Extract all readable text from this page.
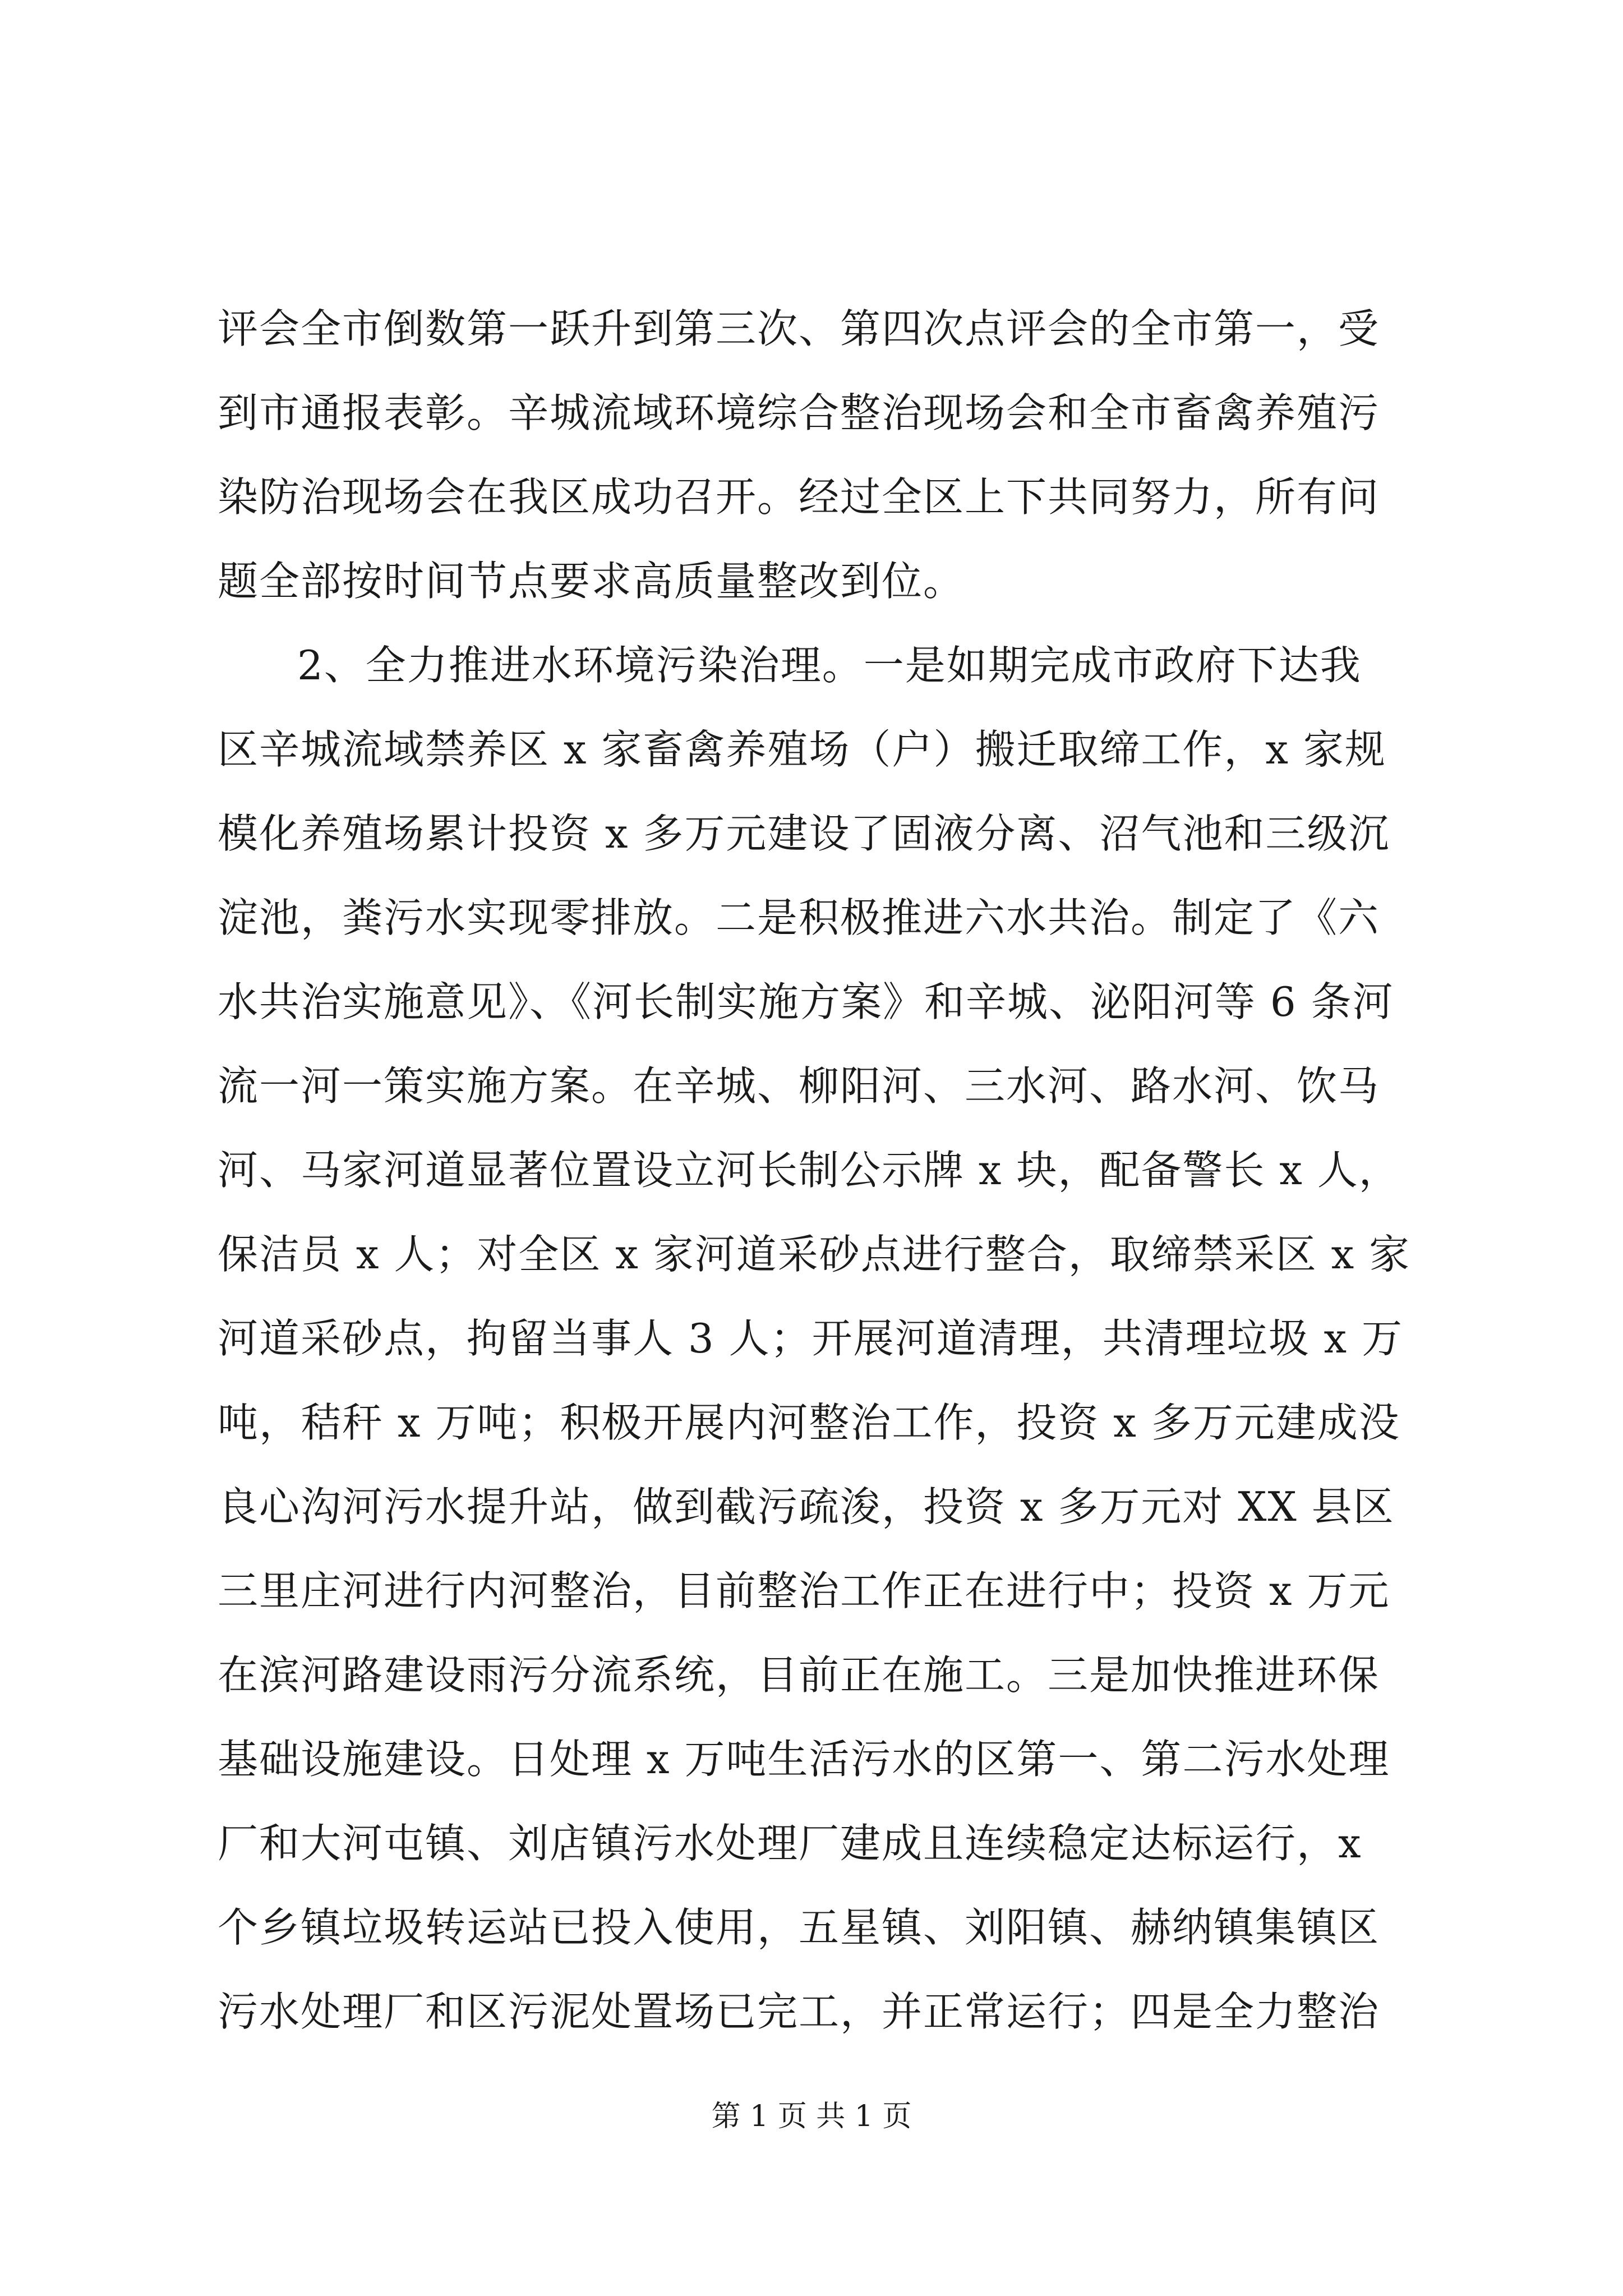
评会全市倒数第一跃升到第三次、第四次点评会的全市第一，受
到市通报表彰。辛城流域环境综合整治现场会和全市畜禽养殖污
染防治现场会在我区成功召开。经过全区上下共同努力，所有问
题全部按时间节点要求高质量整改到位。
2、全力推进水环境污染治理。一是如期完成市政府下达我
区辛城流域禁养区 x 家畜禽养殖场（户）搬迁取缔工作，x 家规
模化养殖场累计投资 x 多万元建设了固液分离、沼气池和三级沉
淀池，粪污水实现零排放。二是积极推进六水共治。制定了《六
水共治实施意见》、《河长制实施方案》和辛城、泌阳河等 6 条河
流一河一策实施方案。在辛城、柳阳河、三水河、路水河、饮马
河、马家河道显著位置设立河长制公示牌 x 块，配备警长 x 人，
保洁员 x 人；对全区 x 家河道采砂点进行整合，取缔禁采区 x 家
河道采砂点，拘留当事人 3 人；开展河道清理，共清理垃圾 x 万
吨，秸秆 x 万吨；积极开展内河整治工作，投资 x 多万元建成没
良心沟河污水提升站，做到截污疏浚，投资 x 多万元对 XX 县区
三里庄河进行内河整治，目前整治工作正在进行中；投资 x 万元
在滨河路建设雨污分流系统，目前正在施工。三是加快推进环保
基础设施建设。日处理 x 万吨生活污水的区第一、第二污水处理
厂和大河屯镇、刘店镇污水处理厂建成且连续稳定达标运行，x
个乡镇垃圾转运站已投入使用，五星镇、刘阳镇、赫纳镇集镇区
污水处理厂和区污泥处置场已完工，并正常运行；四是全力整治
第 1 页 共 1 页
